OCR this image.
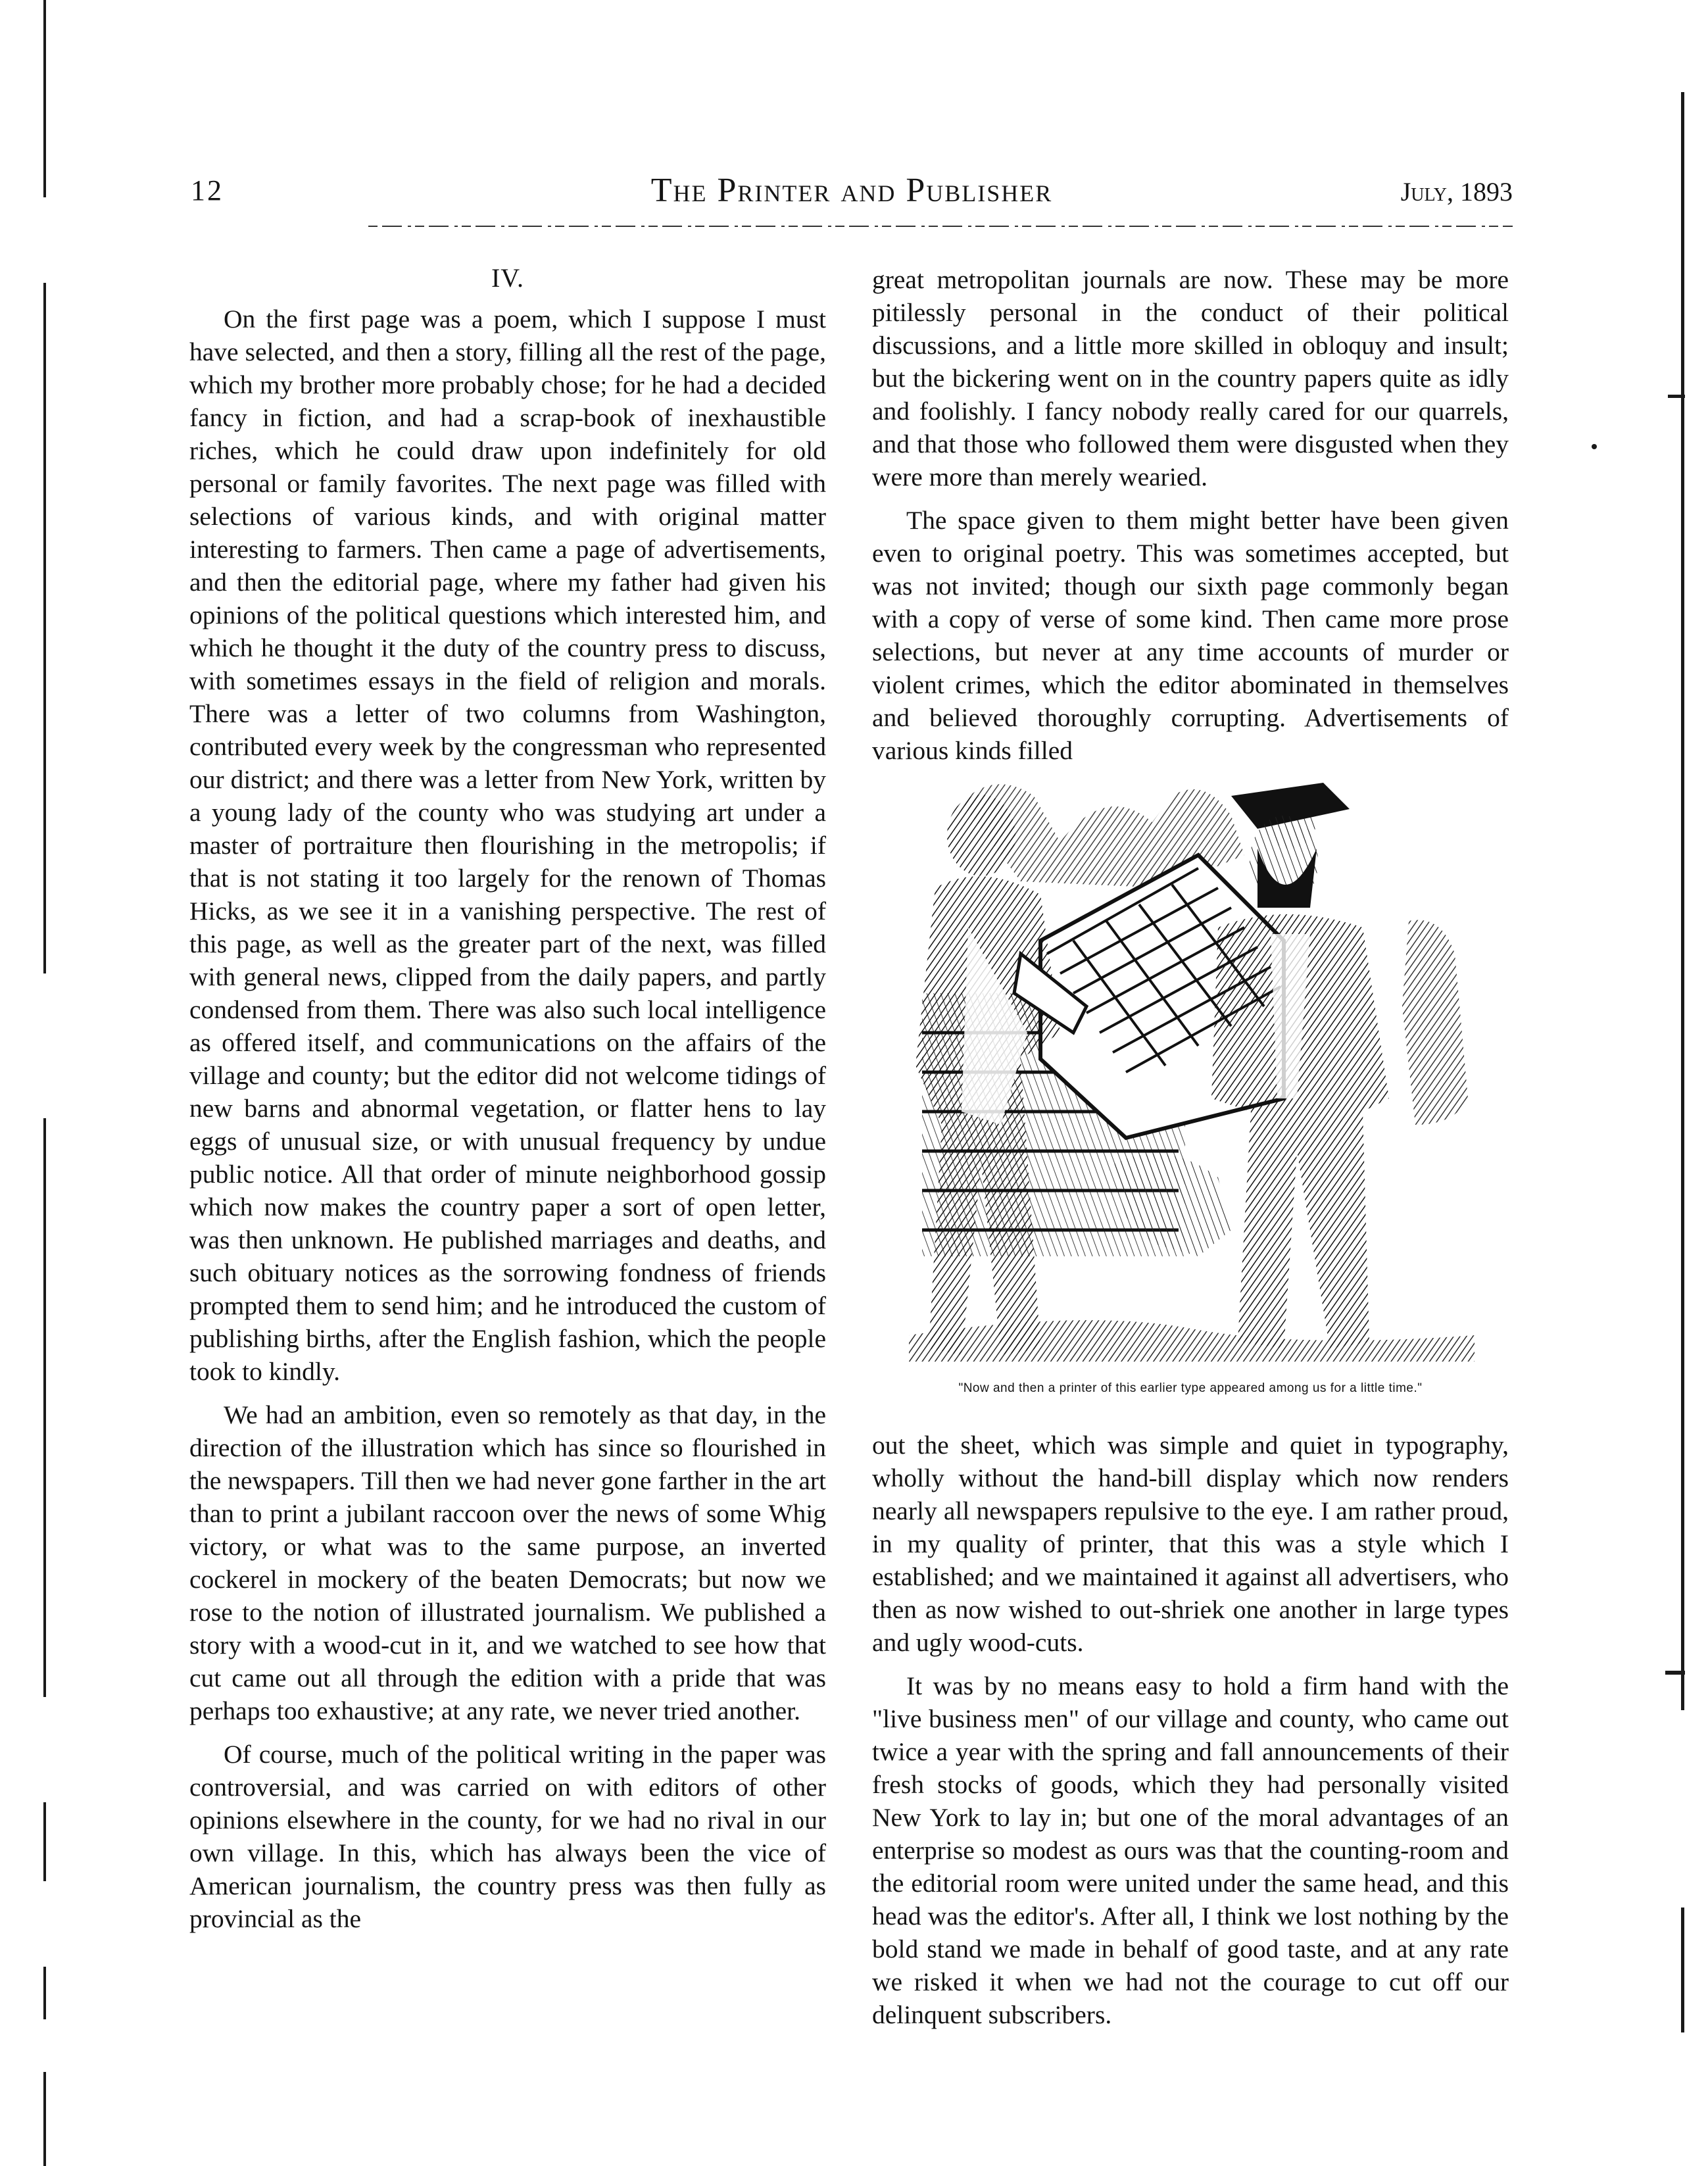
12	The Printer and Publisher	July, 1893
IV.

On the first page was a poem, which I suppose I must have selected, and then a story, filling all the rest of the page, which my brother more probably chose; for he had a decided fancy in fiction, and had a scrap-book of inexhaustible riches, which he could draw upon indefinitely for old personal or family favorites. The next page was filled with selections of various kinds, and with original matter interesting to farmers. Then came a page of advertisements, and then the editorial page, where my father had given his opinions of the political questions which interested him, and which he thought it the duty of the country press to discuss, with sometimes essays in the field of religion and morals. There was a letter of two columns from Washington, contributed every week by the congressman who represented our district; and there was a letter from New York, written by a young lady of the county who was studying art under a master of portraiture then flourishing in the metropolis; if that is not stating it too largely for the renown of Thomas Hicks, as we see it in a vanishing perspective. The rest of this page, as well as the greater part of the next, was filled with general news, clipped from the daily papers, and partly condensed from them. There was also such local intelligence as offered itself, and communications on the affairs of the village and county; but the editor did not welcome tidings of new barns and abnormal vegetation, or flatter hens to lay eggs of unusual size, or with unusual frequency by undue public notice. All that order of minute neighborhood gossip which now makes the country paper a sort of open letter, was then unknown. He published marriages and deaths, and such obituary notices as the sorrowing fondness of friends prompted them to send him; and he introduced the custom of publishing births, after the English fashion, which the people took to kindly.

We had an ambition, even so remotely as that day, in the direction of the illustration which has since so flourished in the newspapers. Till then we had never gone farther in the art than to print a jubilant raccoon over the news of some Whig victory, or what was to the same purpose, an inverted cockerel in mockery of the beaten Democrats; but now we rose to the notion of illustrated journalism. We published a story with a wood-cut in it, and we watched to see how that cut came out all through the edition with a pride that was perhaps too exhaustive; at any rate, we never tried another.

Of course, much of the political writing in the paper was controversial, and was carried on with editors of other opinions elsewhere in the county, for we had no rival in our own village. In this, which has always been the vice of American journalism, the country press was then fully as provincial as the

great metropolitan journals are now. These may be more pitilessly personal in the conduct of their political discussions, and a little more skilled in obloquy and insult; but the bickering went on in the country papers quite as idly and foolishly. I fancy nobody really cared for our quarrels, and that those who followed them were disgusted when they were more than merely wearied.

The space given to them might better have been given even to original poetry. This was sometimes accepted, but was not invited; though our sixth page commonly began with a copy of verse of some kind. Then came more prose selections, but never at any time accounts of murder or violent crimes, which the editor abominated in themselves and believed thoroughly corrupting. Advertisements of various kinds filled

"Now and then a printer of this earlier type appeared among us for a little time."

out the sheet, which was simple and quiet in typography, wholly without the hand-bill display which now renders nearly all newspapers repulsive to the eye. I am rather proud, in my quality of printer, that this was a style which I established; and we maintained it against all advertisers, who then as now wished to out-shriek one another in large types and ugly wood-cuts.

It was by no means easy to hold a firm hand with the "live business men" of our village and county, who came out twice a year with the spring and fall announcements of their fresh stocks of goods, which they had personally visited New York to lay in; but one of the moral advantages of an enterprise so modest as ours was that the counting-room and the editorial room were united under the same head, and this head was the editor's. After all, I think we lost nothing by the bold stand we made in behalf of good taste, and at any rate we risked it when we had not the courage to cut off our delinquent subscribers.
